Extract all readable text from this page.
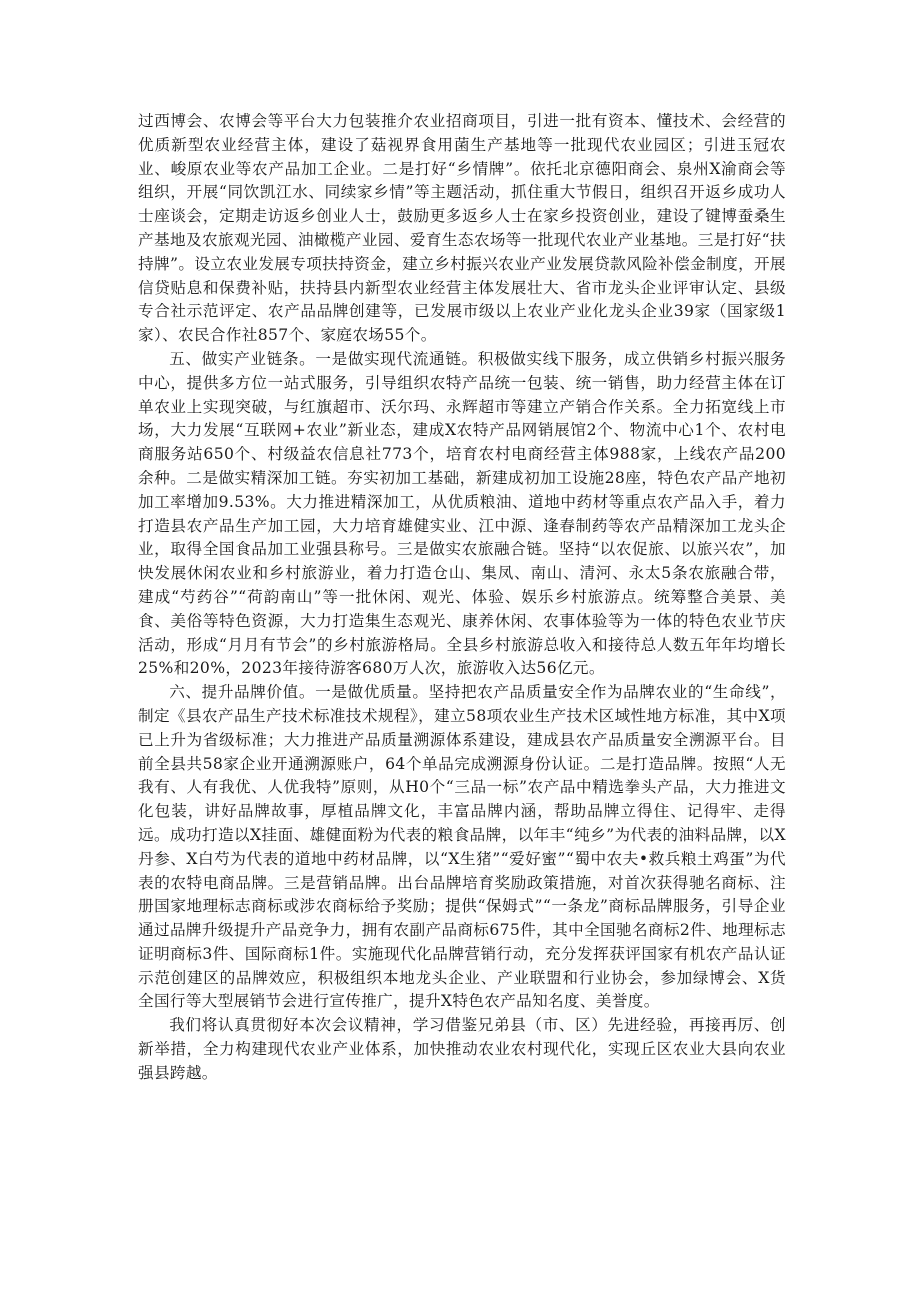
过西博会、农博会等平台大力包装推介农业招商项目，引进一批有资本、懂技术、会经营的优质新型农业经营主体，建设了菇视界食用菌生产基地等一批现代农业园区；引进玉冠农业、峻原农业等农产品加工企业。二是打好“乡情牌”。依托北京德阳商会、泉州X渝商会等组织，开展“同饮凯江水、同续家乡情”等主题活动，抓住重大节假日，组织召开返乡成功人士座谈会，定期走访返乡创业人士，鼓励更多返乡人士在家乡投资创业，建设了键博蚕桑生产基地及农旅观光园、油橄榄产业园、爱育生态农场等一批现代农业产业基地。三是打好“扶持牌”。设立农业发展专项扶持资金，建立乡村振兴农业产业发展贷款风险补偿金制度，开展信贷贴息和保费补贴，扶持县内新型农业经营主体发展壮大、省市龙头企业评审认定、县级专合社示范评定、农产品品牌创建等，已发展市级以上农业产业化龙头企业39家（国家级1家）、农民合作社857个、家庭农场55个。

五、做实产业链条。一是做实现代流通链。积极做实线下服务，成立供销乡村振兴服务中心，提供多方位一站式服务，引导组织农特产品统一包装、统一销售，助力经营主体在订单农业上实现突破，与红旗超市、沃尔玛、永辉超市等建立产销合作关系。全力拓宽线上市场，大力发展“互联网+农业”新业态，建成X农特产品网销展馆2个、物流中心1个、农村电商服务站650个、村级益农信息社773个，培育农村电商经营主体988家，上线农产品200余种。二是做实精深加工链。夯实初加工基础，新建成初加工设施28座，特色农产品产地初加工率增加9.53%。大力推进精深加工，从优质粮油、道地中药材等重点农产品入手，着力打造县农产品生产加工园，大力培育雄健实业、江中源、逢春制药等农产品精深加工龙头企业，取得全国食品加工业强县称号。三是做实农旅融合链。坚持“以农促旅、以旅兴农”，加快发展休闲农业和乡村旅游业，着力打造仓山、集凤、南山、清河、永太5条农旅融合带，建成“芍药谷”“荷韵南山”等一批休闲、观光、体验、娱乐乡村旅游点。统筹整合美景、美食、美俗等特色资源，大力打造集生态观光、康养休闲、农事体验等为一体的特色农业节庆活动，形成“月月有节会”的乡村旅游格局。全县乡村旅游总收入和接待总人数五年年均增长25%和20%，2023年接待游客680万人次，旅游收入达56亿元。

六、提升品牌价值。一是做优质量。坚持把农产品质量安全作为品牌农业的“生命线”，制定《县农产品生产技术标准技术规程》，建立58项农业生产技术区域性地方标准，其中X项已上升为省级标准；大力推进产品质量溯源体系建设，建成县农产品质量安全溯源平台。目前全县共58家企业开通溯源账户，64个单品完成溯源身份认证。二是打造品牌。按照“人无我有、人有我优、人优我特”原则，从H0个“三品一标”农产品中精选拳头产品，大力推进文化包装，讲好品牌故事，厚植品牌文化，丰富品牌内涵，帮助品牌立得住、记得牢、走得远。成功打造以X挂面、雄健面粉为代表的粮食品牌，以年丰“纯乡”为代表的油料品牌，以X丹参、X白芍为代表的道地中药材品牌，以“X生猪”“爱好蜜”“蜀中农夫•救兵粮土鸡蛋”为代表的农特电商品牌。三是营销品牌。出台品牌培育奖励政策措施，对首次获得驰名商标、注册国家地理标志商标或涉农商标给予奖励；提供“保姆式”“一条龙”商标品牌服务，引导企业通过品牌升级提升产品竞争力，拥有农副产品商标675件，其中全国驰名商标2件、地理标志证明商标3件、国际商标1件。实施现代化品牌营销行动，充分发挥获评国家有机农产品认证示范创建区的品牌效应，积极组织本地龙头企业、产业联盟和行业协会，参加绿博会、X货全国行等大型展销节会进行宣传推广，提升X特色农产品知名度、美誉度。

我们将认真贯彻好本次会议精神，学习借鉴兄弟县（市、区）先进经验，再接再厉、创新举措，全力构建现代农业产业体系，加快推动农业农村现代化，实现丘区农业大县向农业强县跨越。
